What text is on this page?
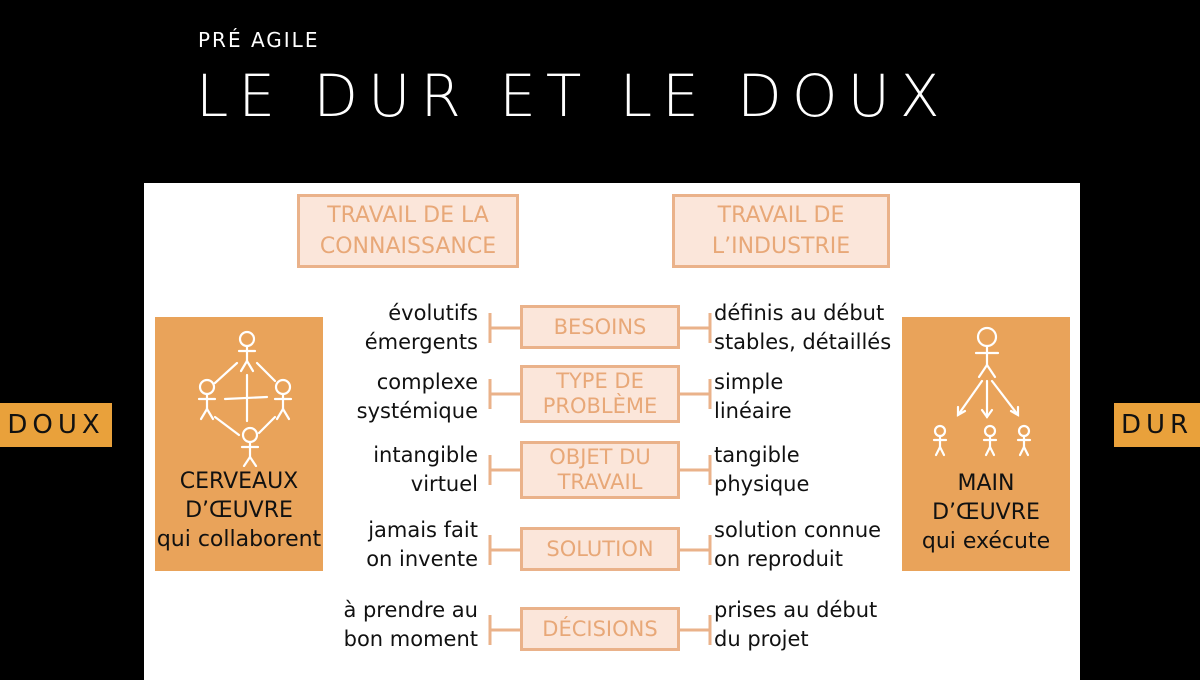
PRÉ AGILE
LE DUR ET LE DOUX
DOUX	DUR
TRAVAIL DE LA
CONNAISSANCE
TRAVAIL DE
L’INDUSTRIE
CERVEAUX
D’ŒUVRE
qui collaborent
MAIN
D’ŒUVRE
qui exécute
BESOINS
évolutifs
émergents
définis au début
stables, détaillés
TYPE DE
PROBLÈME
complexe
systémique
simple
linéaire
OBJET DU
TRAVAIL
intangible
virtuel
tangible
physique
SOLUTION
jamais fait
on invente
solution connue
on reproduit
DÉCISIONS
à prendre au
bon moment
prises au début
du projet
